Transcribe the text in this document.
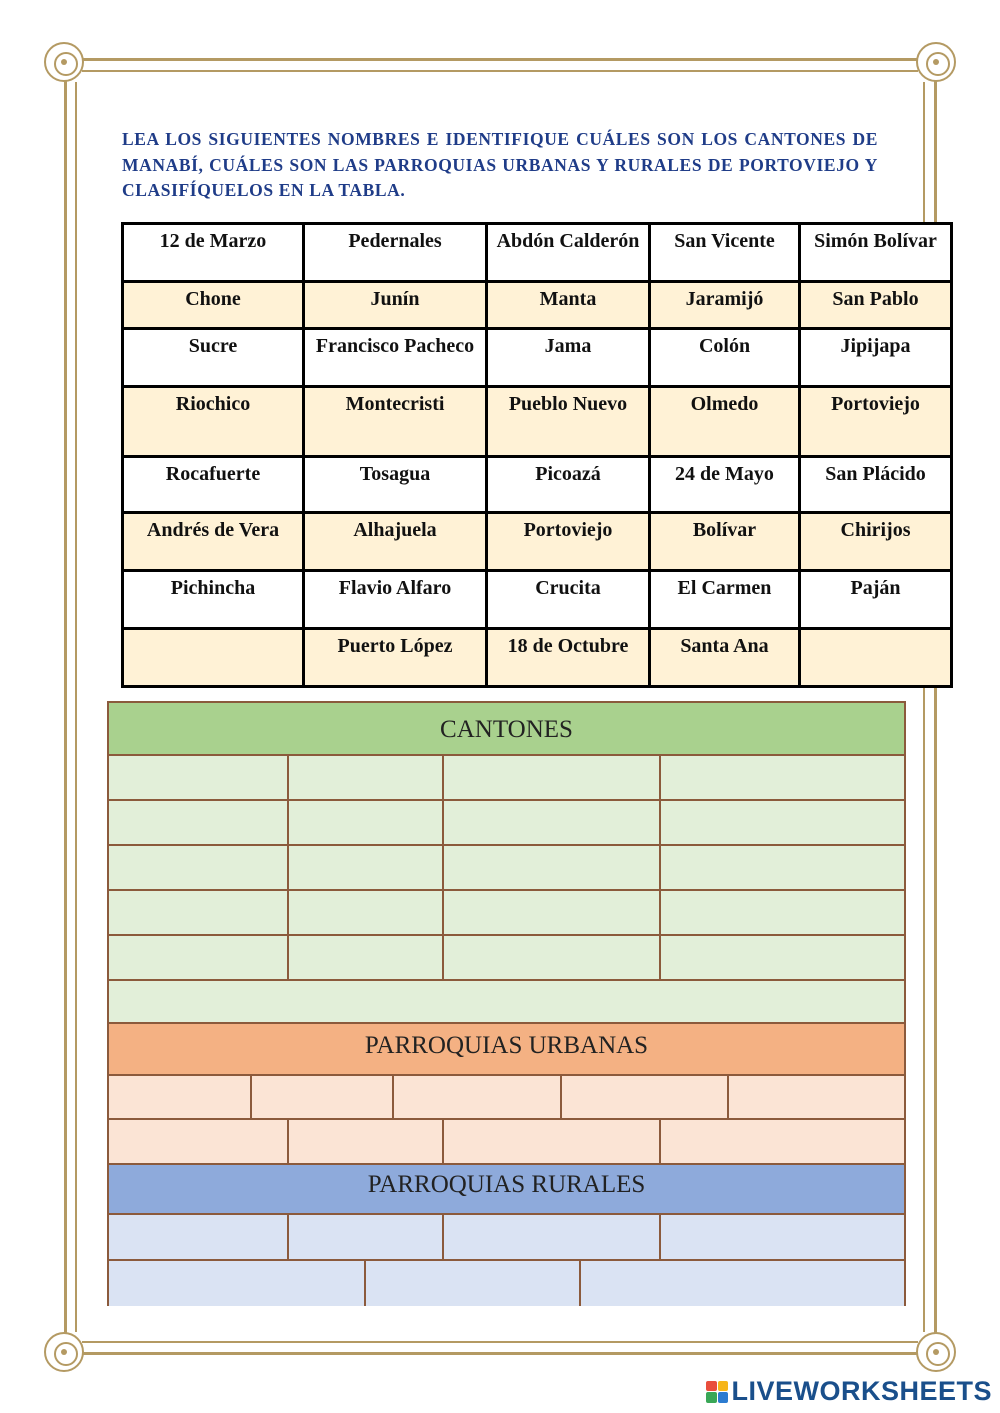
LEA LOS SIGUIENTES NOMBRES E IDENTIFIQUE CUÁLES SON LOS CANTONES DE MANABÍ, CUÁLES SON LAS PARROQUIAS URBANAS Y RURALES DE PORTOVIEJO Y CLASIFÍQUELOS EN LA TABLA.
12 de Marzo	Pedernales	Abdón Calderón	San Vicente	Simón Bolívar
Chone	Junín	Manta	Jaramijó	San Pablo
Sucre	Francisco Pacheco	Jama	Colón	Jipijapa
Riochico	Montecristi	Pueblo Nuevo	Olmedo	Portoviejo
Rocafuerte	Tosagua	Picoazá	24 de Mayo	San Plácido
Andrés de Vera	Alhajuela	Portoviejo	Bolívar	Chirijos
Pichincha	Flavio Alfaro	Crucita	El Carmen	Paján
	Puerto López	18 de Octubre	Santa Ana	
CANTONES
PARROQUIAS URBANAS
PARROQUIAS RURALES
LIVEWORKSHEETS
